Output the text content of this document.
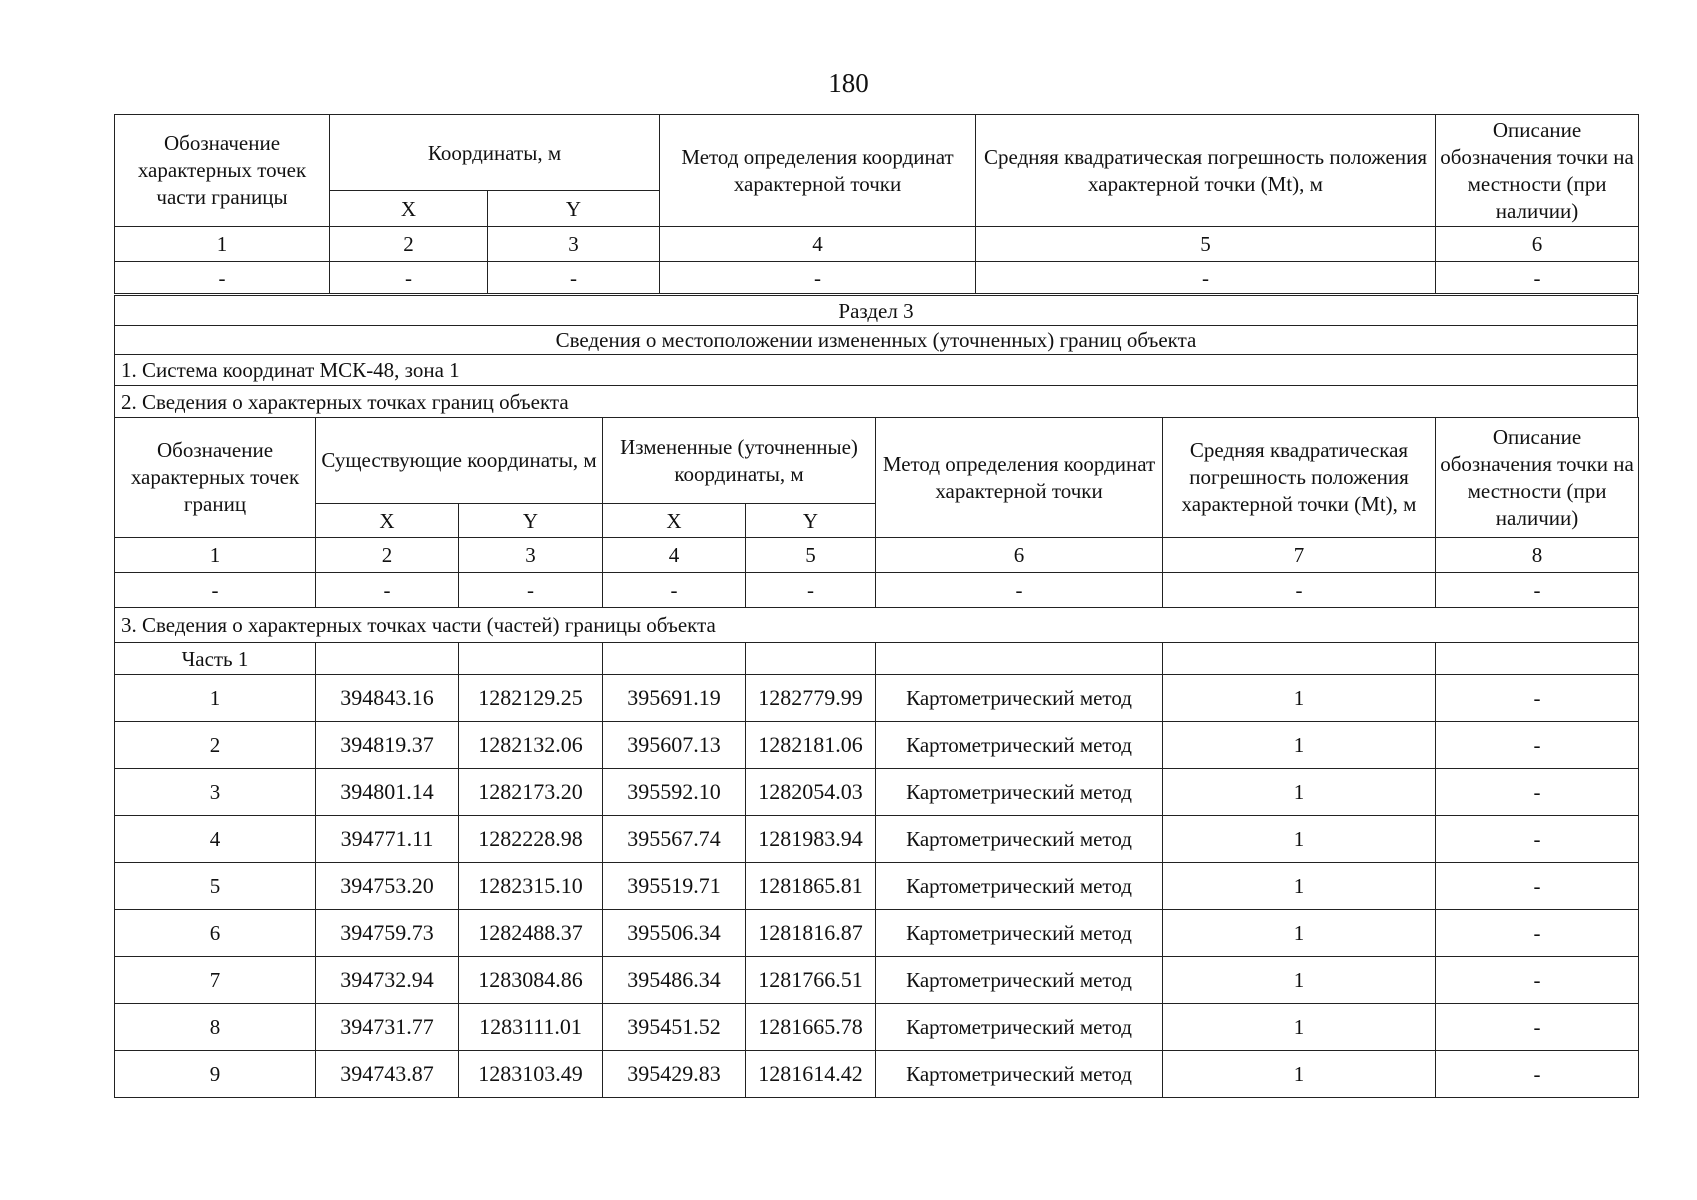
180
Обозначение характерных точек части границы	Координаты, м		Метод определения координат характерной точки	Средняя квадратическая погрешность положения характерной точки (Mt), м	Описание обозначения точки на местности (при наличии)
	X	Y			
1	2	3	4	5	6
-	-	-	-	-	-
Раздел 3
Сведения о местоположении измененных (уточненных) границ объекта
1. Система координат МСК-48, зона 1
2. Сведения о характерных точках границ объекта
Обозначение характерных точек границ	Существующие координаты, м		Измененные (уточненные) координаты, м		Метод определения координат характерной точки	Средняя квадратическая погрешность положения характерной точки (Mt), м	Описание обозначения точки на местности (при наличии)
	X	Y	X	Y			
1	2	3	4	5	6	7	8
-	-	-	-	-	-	-	-
3. Сведения о характерных точках части (частей) границы объекта							
Часть 1							
1	394843.16	1282129.25	395691.19	1282779.99	Картометрический метод	1	-
2	394819.37	1282132.06	395607.13	1282181.06	Картометрический метод	1	-
3	394801.14	1282173.20	395592.10	1282054.03	Картометрический метод	1	-
4	394771.11	1282228.98	395567.74	1281983.94	Картометрический метод	1	-
5	394753.20	1282315.10	395519.71	1281865.81	Картометрический метод	1	-
6	394759.73	1282488.37	395506.34	1281816.87	Картометрический метод	1	-
7	394732.94	1283084.86	395486.34	1281766.51	Картометрический метод	1	-
8	394731.77	1283111.01	395451.52	1281665.78	Картометрический метод	1	-
9	394743.87	1283103.49	395429.83	1281614.42	Картометрический метод	1	-
